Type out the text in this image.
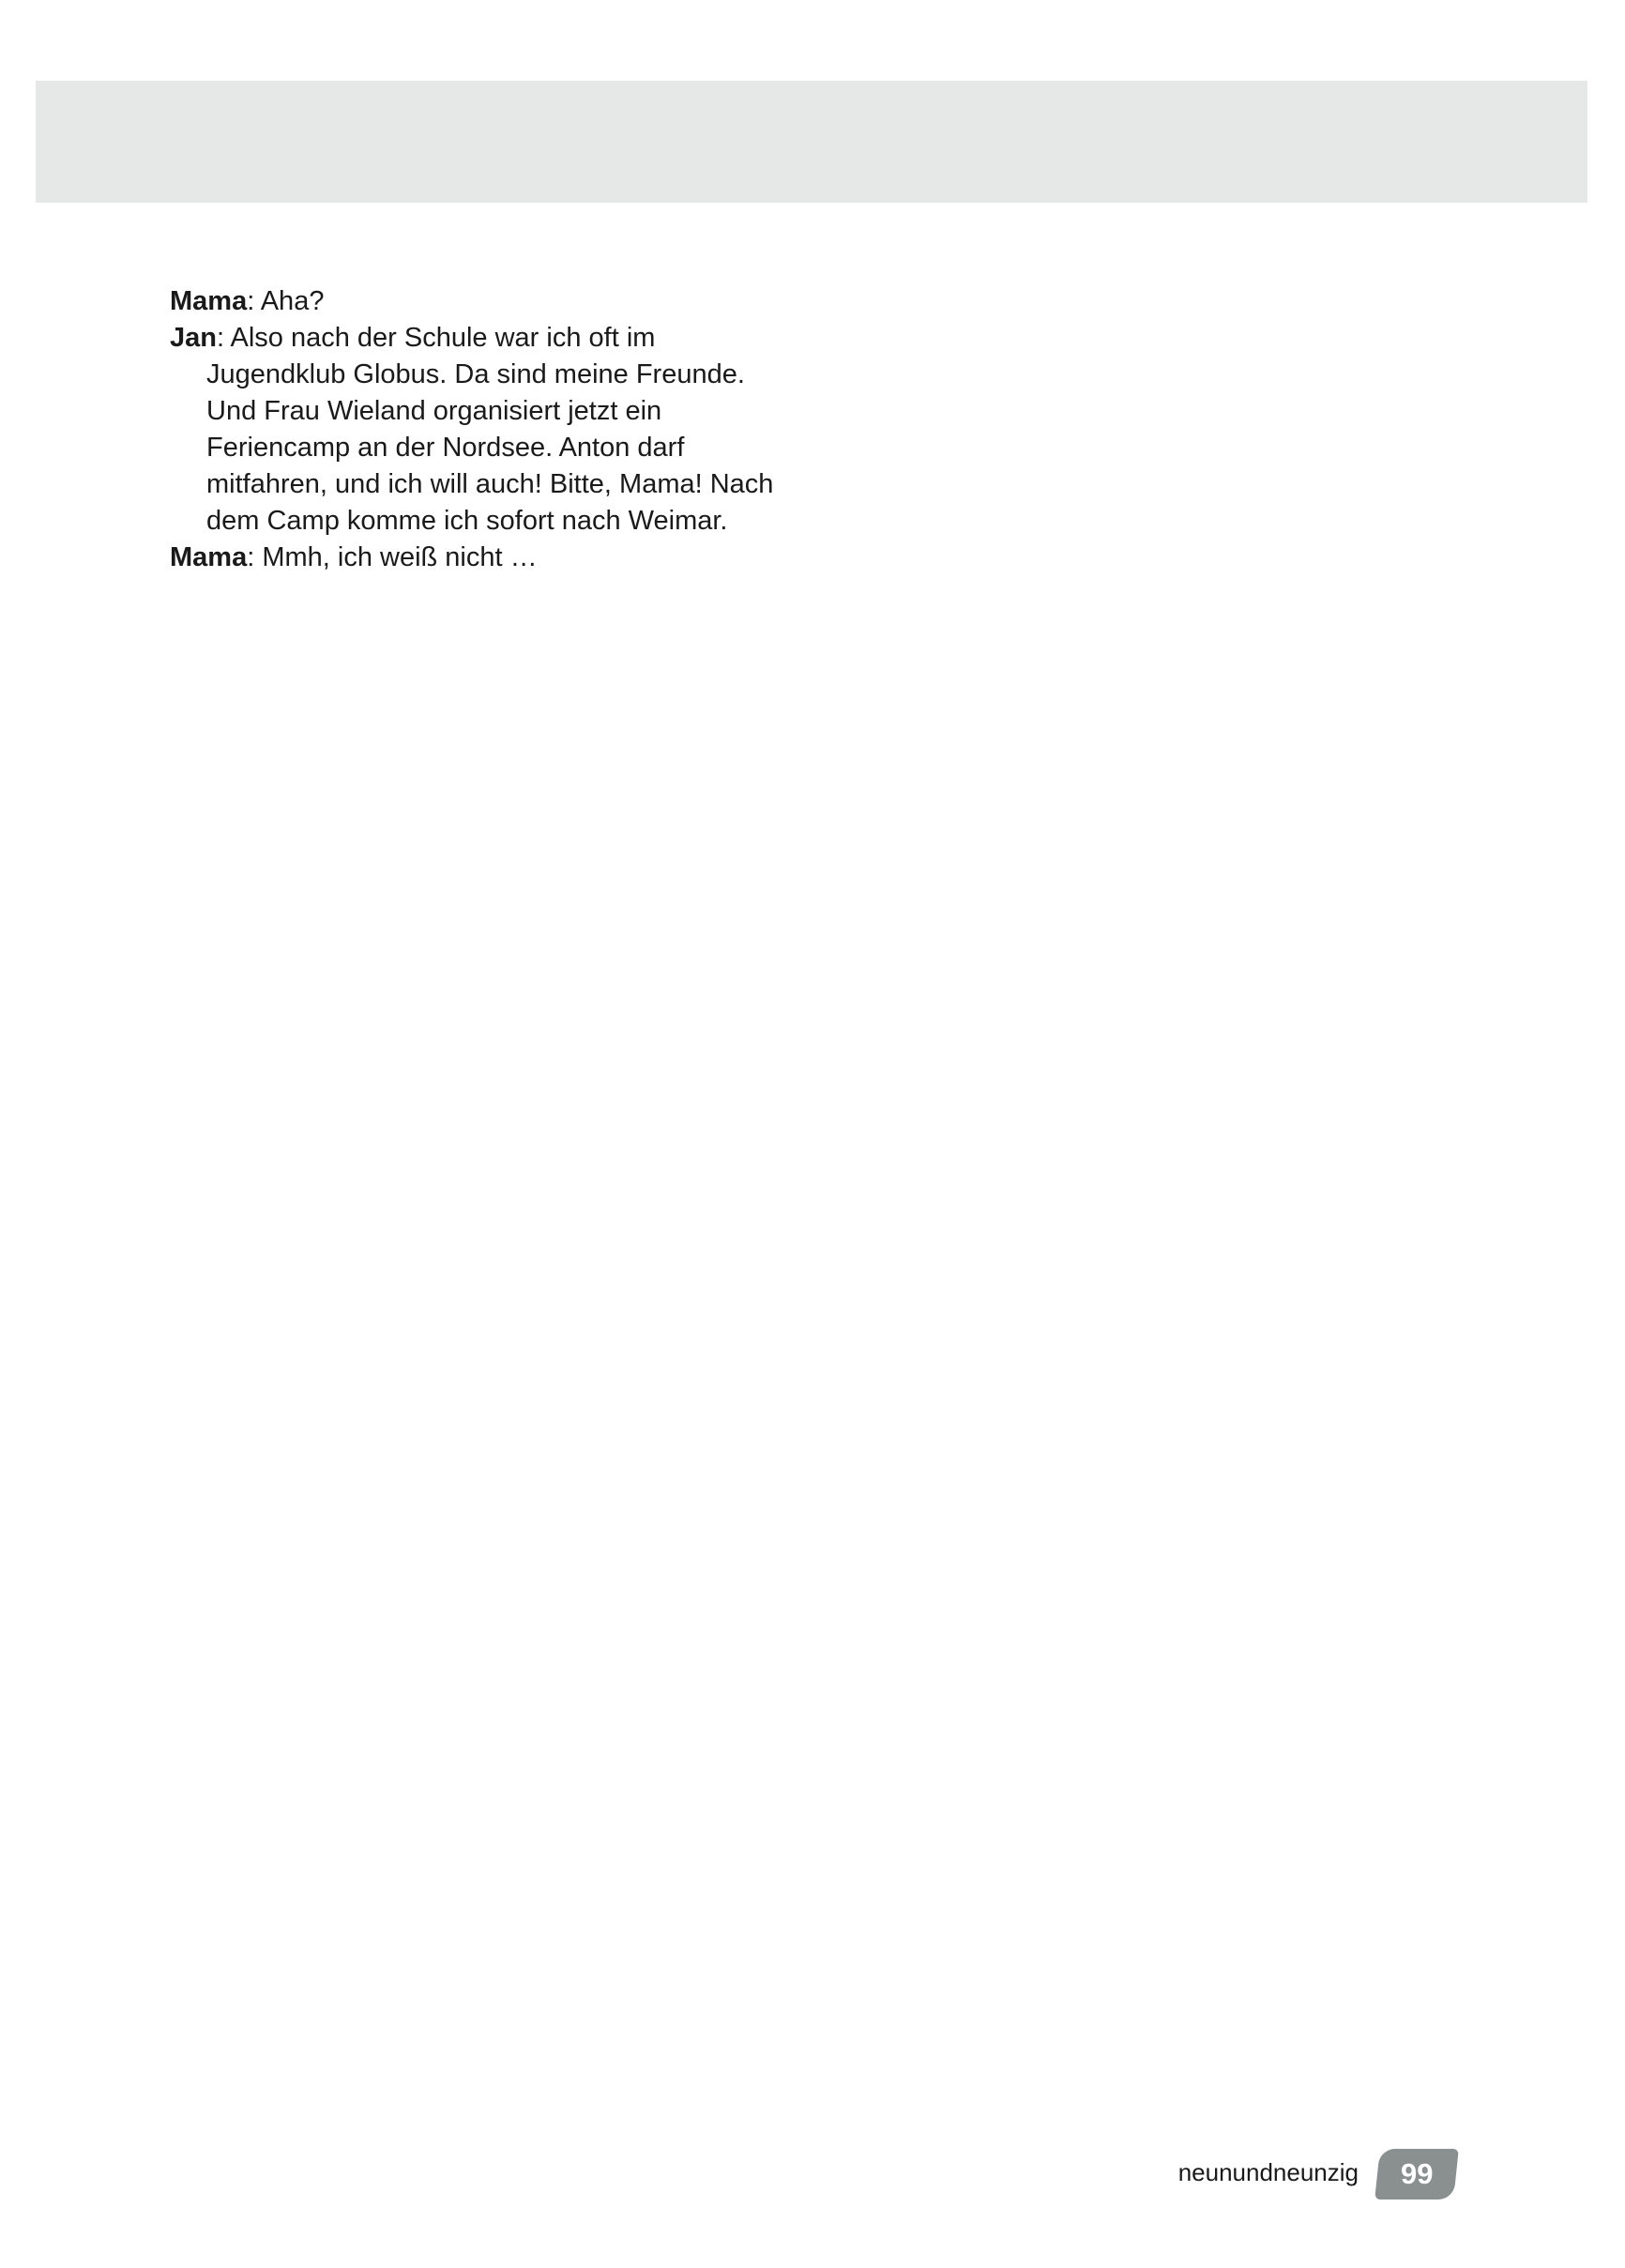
Mama: Aha?

Jan: Also nach der Schule war ich oft im Jugendklub Globus. Da sind meine Freunde. Und Frau Wieland organisiert jetzt ein Feriencamp an der Nordsee. Anton darf mitfahren, und ich will auch! Bitte, Mama! Nach dem Camp komme ich sofort nach Weimar.

Mama: Mmh, ich weiß nicht …

neunundneunzig	99
